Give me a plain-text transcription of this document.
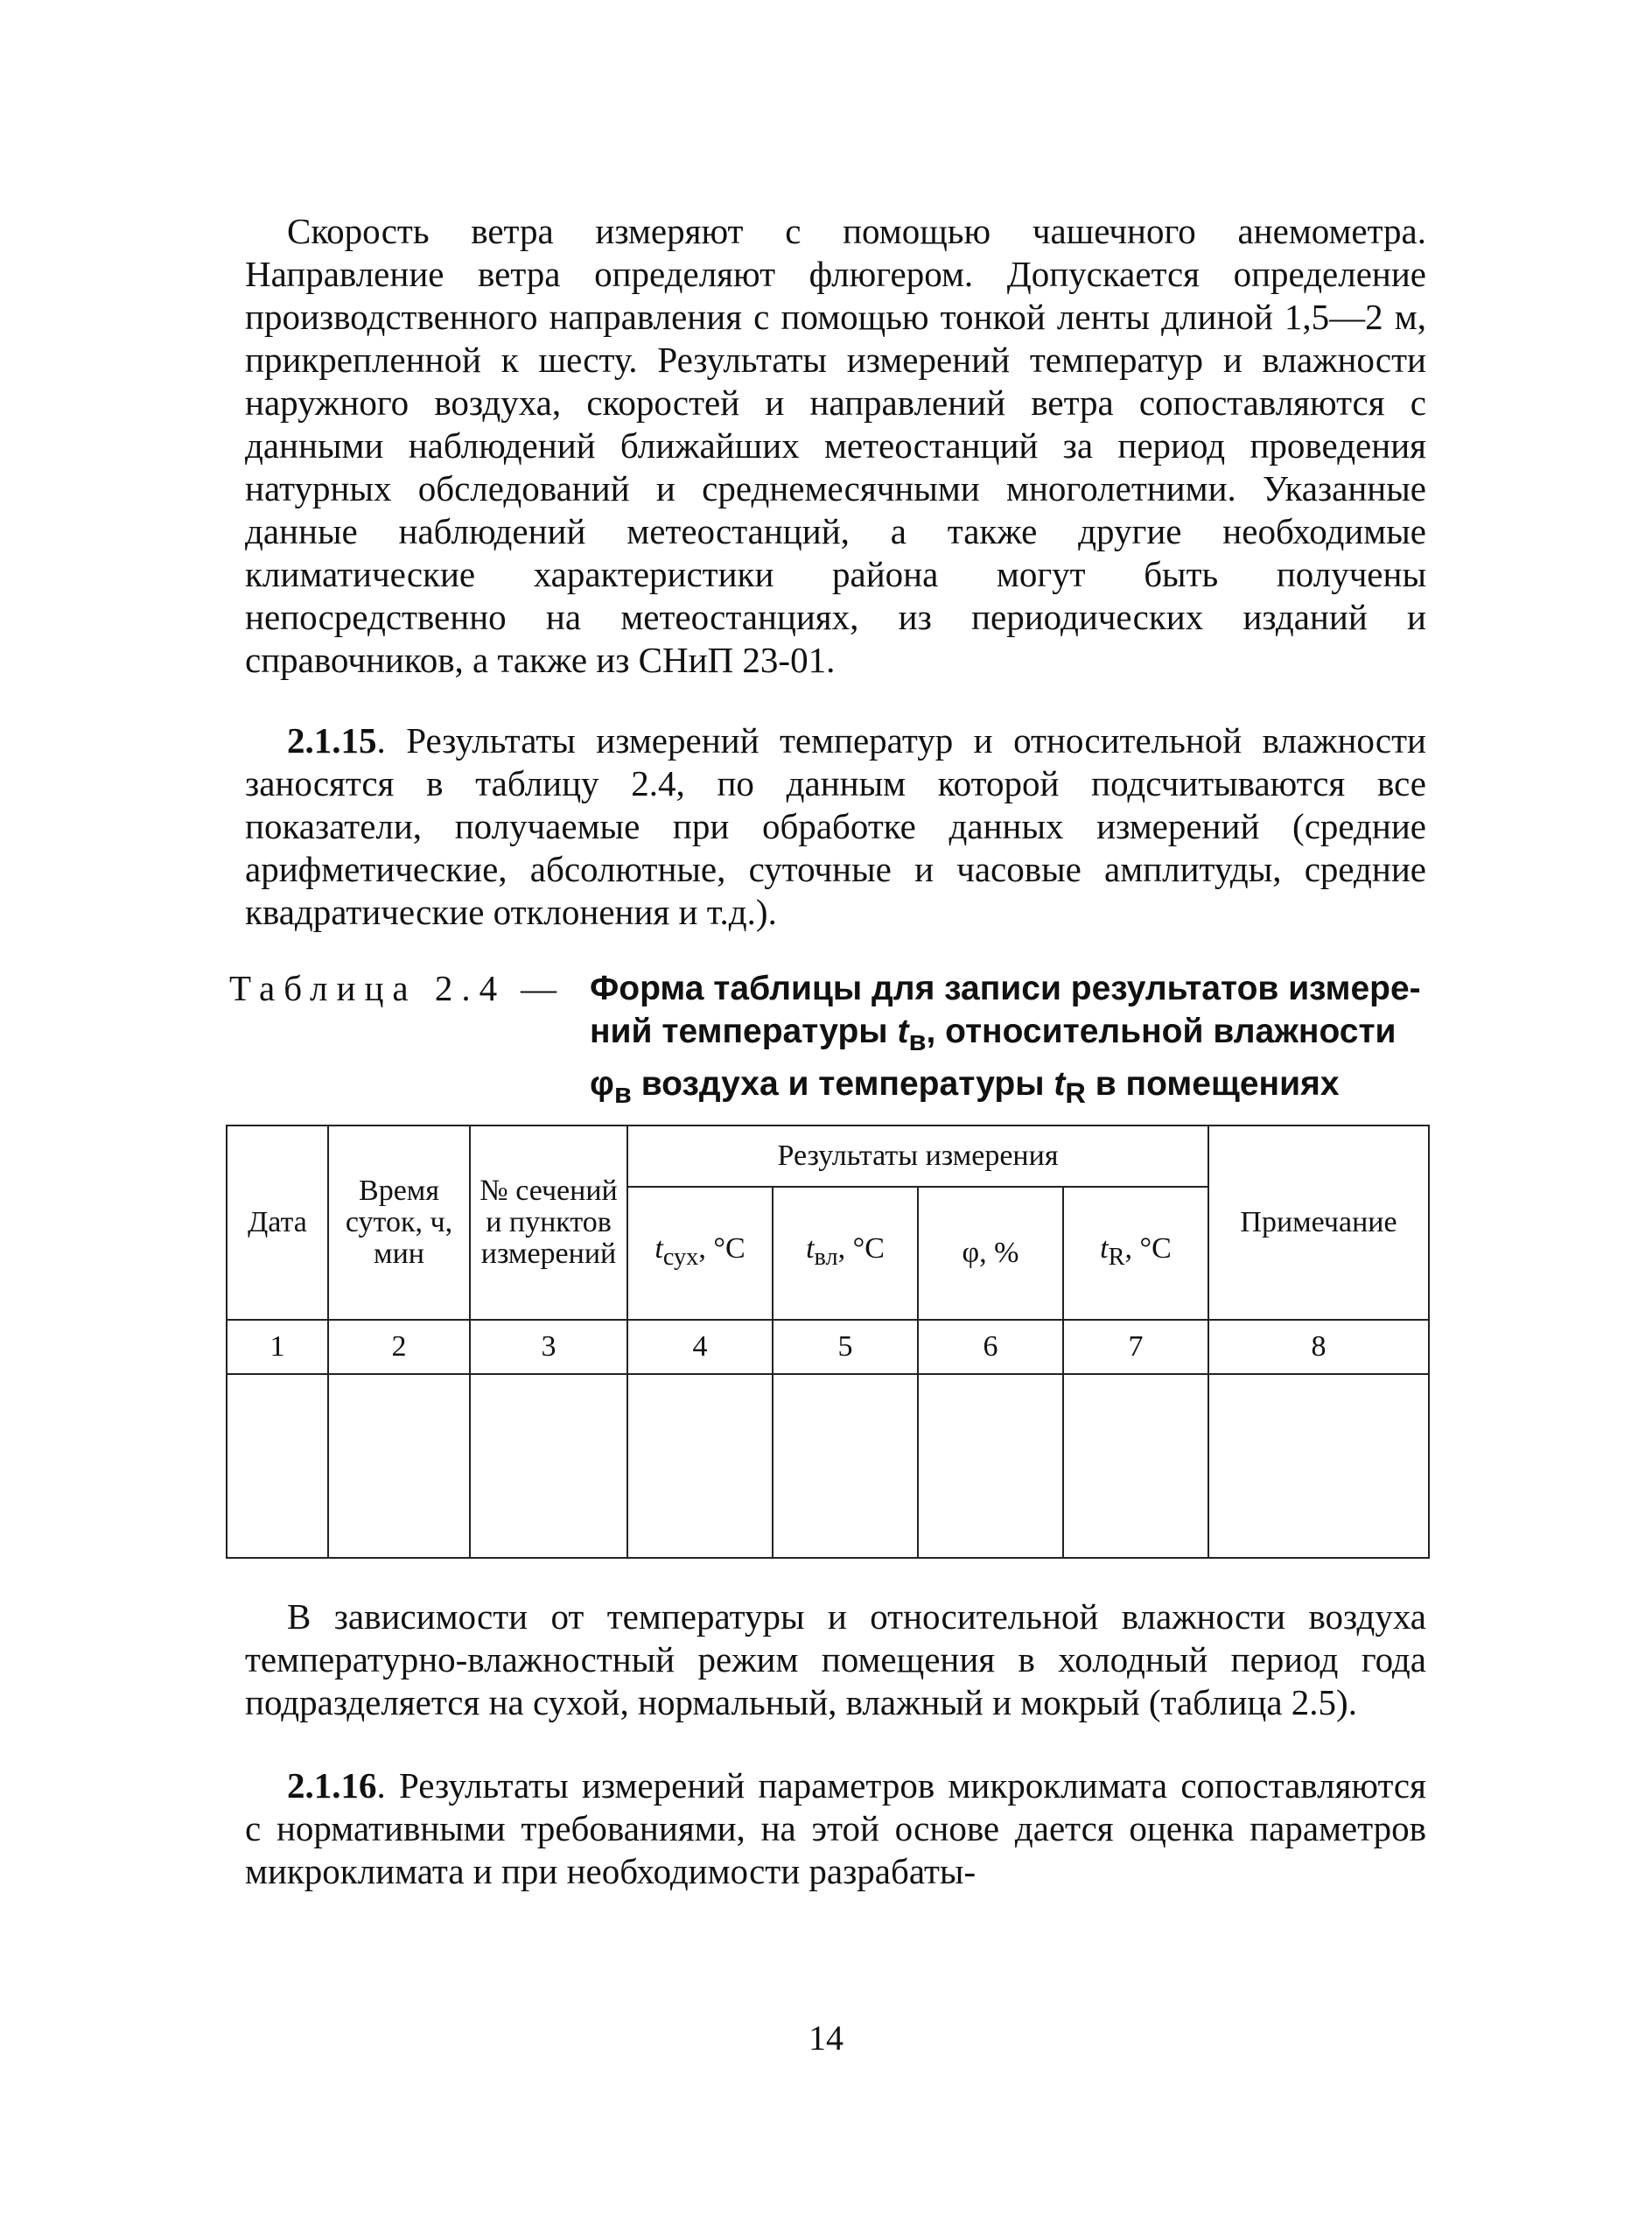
Скорость ветра измеряют с помощью чашечного анемометра. Направление ветра определяют флюгером. Допускается определение производственного направления с помощью тонкой ленты длиной 1,5—2 м, прикрепленной к шесту. Результаты измерений температур и влажности наружного воздуха, скоростей и направлений ветра сопоставляются с данными наблюдений ближайших метеостанций за период проведения натурных обследований и среднемесячными многолетними. Указанные данные наблюдений метеостанций, а также другие необходимые климатические характеристики района могут быть получены непосредственно на метеостанциях, из периодических изданий и справочников, а также из СНиП 23-01.

2.1.15. Результаты измерений температур и относительной влажности заносятся в таблицу 2.4, по данным которой подсчитываются все показатели, получаемые при обработке данных измерений (средние арифметические, абсолютные, суточные и часовые амплитуды, средние квадратические отклонения и т.д.).

Таблица 2.4 — Форма таблицы для записи результатов измерений температуры $t_в$, относительной влажности $\varphi_в$ воздуха и температуры $t_R$ в помещениях
Дата	Время суток, ч, мин	№ сечений и пунктов измерений	Результаты измерения				Примечание
			$t_{сух}$, °С	$t_{вл}$, °С	φ, %	$t_R$, °С	
1	2	3	4	5	6	7	8

В зависимости от температуры и относительной влажности воздуха температурно-влажностный режим помещения в холодный период года подразделяется на сухой, нормальный, влажный и мокрый (таблица 2.5).

2.1.16. Результаты измерений параметров микроклимата сопоставляются с нормативными требованиями, на этой основе дается оценка параметров микроклимата и при необходимости разрабаты-

14
